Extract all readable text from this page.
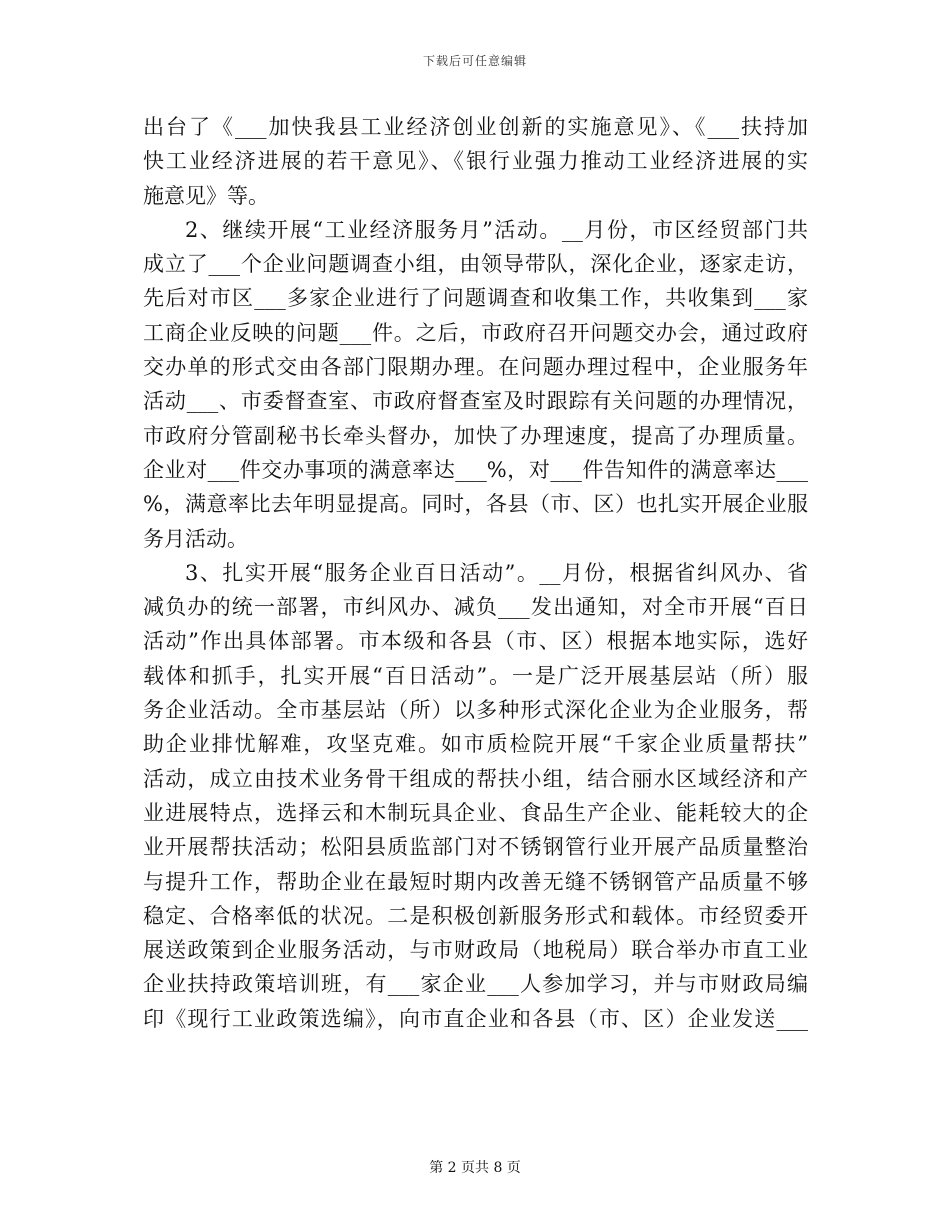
下载后可任意编辑
出台了《___加快我县工业经济创业创新的实施意见》、《___扶持加
快工业经济进展的若干意见》、《银行业强力推动工业经济进展的实
施意见》等。
2、继续开展“工业经济服务月”活动。__月份，市区经贸部门共
成立了___个企业问题调查小组，由领导带队，深化企业，逐家走访，
先后对市区___多家企业进行了问题调查和收集工作，共收集到___家
工商企业反映的问题___件。之后，市政府召开问题交办会，通过政府
交办单的形式交由各部门限期办理。在问题办理过程中，企业服务年
活动___、市委督查室、市政府督查室及时跟踪有关问题的办理情况，
市政府分管副秘书长牵头督办，加快了办理速度，提高了办理质量。
企业对___件交办事项的满意率达___%，对___件告知件的满意率达___
%，满意率比去年明显提高。同时，各县（市、区）也扎实开展企业服
务月活动。
3、扎实开展“服务企业百日活动”。__月份，根据省纠风办、省
减负办的统一部署，市纠风办、减负___发出通知，对全市开展“百日
活动”作出具体部署。市本级和各县（市、区）根据本地实际，选好
载体和抓手，扎实开展“百日活动”。一是广泛开展基层站（所）服
务企业活动。全市基层站（所）以多种形式深化企业为企业服务，帮
助企业排忧解难，攻坚克难。如市质检院开展“千家企业质量帮扶”
活动，成立由技术业务骨干组成的帮扶小组，结合丽水区域经济和产
业进展特点，选择云和木制玩具企业、食品生产企业、能耗较大的企
业开展帮扶活动；松阳县质监部门对不锈钢管行业开展产品质量整治
与提升工作，帮助企业在最短时期内改善无缝不锈钢管产品质量不够
稳定、合格率低的状况。二是积极创新服务形式和载体。市经贸委开
展送政策到企业服务活动，与市财政局（地税局）联合举办市直工业
企业扶持政策培训班，有___家企业___人参加学习，并与市财政局编
印《现行工业政策选编》，向市直企业和各县（市、区）企业发送___
第 2 页共 8 页
